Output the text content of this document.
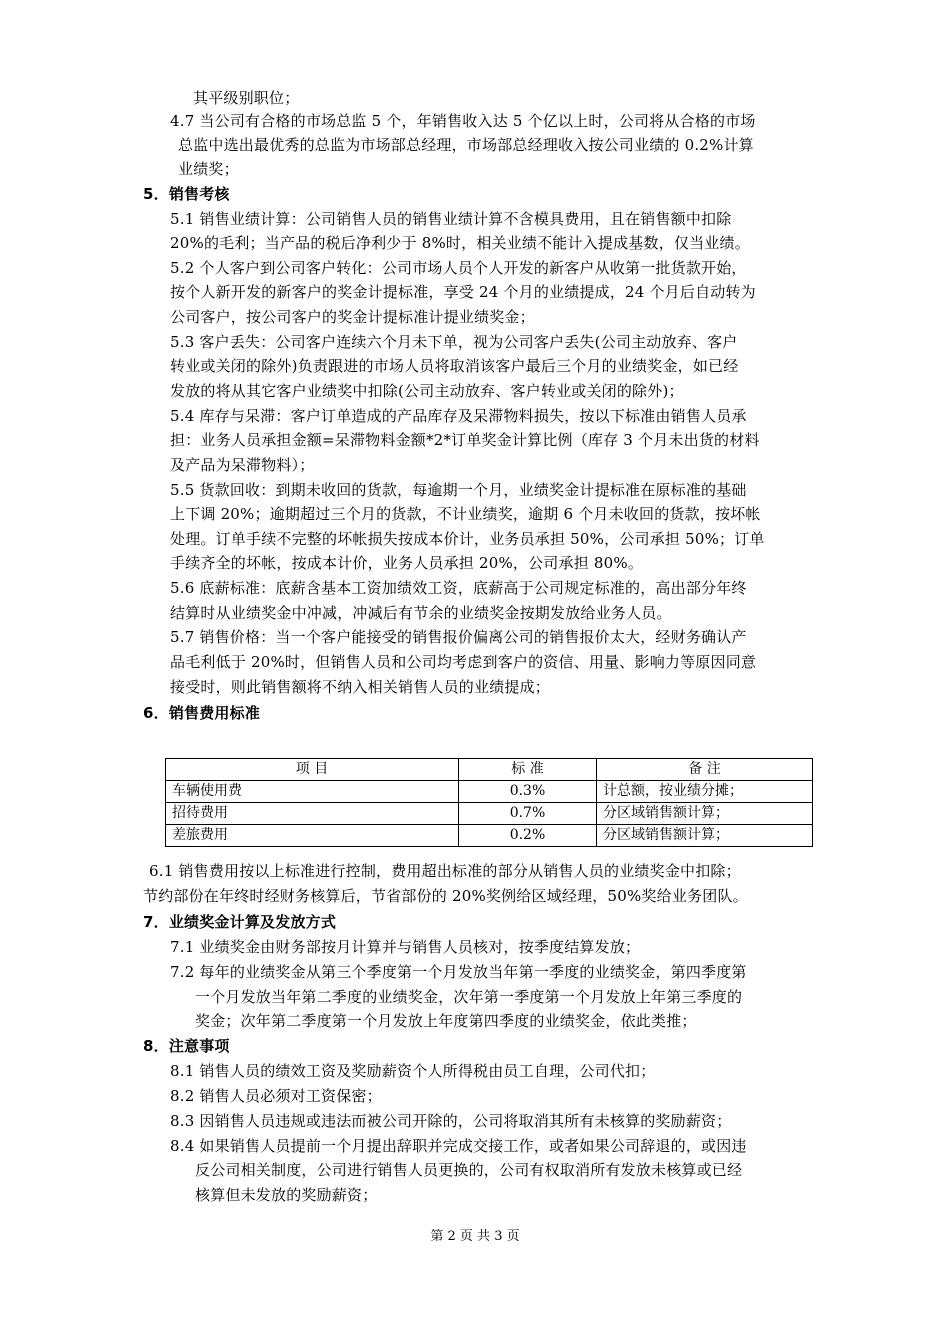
其平级别职位；
4.7 当公司有合格的市场总监 5 个，年销售收入达 5 个亿以上时，公司将从合格的市场
总监中选出最优秀的总监为市场部总经理，市场部总经理收入按公司业绩的 0.2%计算
业绩奖；
5．销售考核
5.1 销售业绩计算：公司销售人员的销售业绩计算不含模具费用，且在销售额中扣除
20%的毛利；当产品的税后净利少于 8%时，相关业绩不能计入提成基数，仅当业绩。
5.2 个人客户到公司客户转化：公司市场人员个人开发的新客户从收第一批货款开始，
按个人新开发的新客户的奖金计提标准，享受 24 个月的业绩提成，24 个月后自动转为
公司客户，按公司客户的奖金计提标准计提业绩奖金；
5.3 客户丢失：公司客户连续六个月未下单，视为公司客户丢失(公司主动放弃、客户
转业或关闭的除外)负责跟进的市场人员将取消该客户最后三个月的业绩奖金，如已经
发放的将从其它客户业绩奖中扣除(公司主动放弃、客户转业或关闭的除外)；
5.4 库存与呆滞：客户订单造成的产品库存及呆滞物料损失，按以下标准由销售人员承
担：业务人员承担金额=呆滞物料金额*2*订单奖金计算比例（库存 3 个月未出货的材料
及产品为呆滞物料）；
5.5 货款回收：到期未收回的货款，每逾期一个月，业绩奖金计提标准在原标准的基础
上下调 20%；逾期超过三个月的货款，不计业绩奖，逾期 6 个月未收回的货款，按坏帐
处理。订单手续不完整的坏帐损失按成本价计，业务员承担 50%，公司承担 50%；订单
手续齐全的坏帐，按成本计价，业务人员承担 20%，公司承担 80%。
5.6 底薪标准：底薪含基本工资加绩效工资，底薪高于公司规定标准的，高出部分年终
结算时从业绩奖金中冲减，冲减后有节余的业绩奖金按期发放给业务人员。
5.7 销售价格：当一个客户能接受的销售报价偏离公司的销售报价太大，经财务确认产
品毛利低于 20%时，但销售人员和公司均考虑到客户的资信、用量、影响力等原因同意
接受时，则此销售额将不纳入相关销售人员的业绩提成；
6．销售费用标准
项 目	标 准	备 注
车辆使用费	0.3%	计总额，按业绩分摊；
招待费用	0.7%	分区域销售额计算；
差旅费用	0.2%	分区域销售额计算；
6.1 销售费用按以上标准进行控制，费用超出标准的部分从销售人员的业绩奖金中扣除；
节约部份在年终时经财务核算后，节省部份的 20%奖例给区域经理，50%奖给业务团队。
7．业绩奖金计算及发放方式
7.1 业绩奖金由财务部按月计算并与销售人员核对，按季度结算发放；
7.2 每年的业绩奖金从第三个季度第一个月发放当年第一季度的业绩奖金，第四季度第
一个月发放当年第二季度的业绩奖金，次年第一季度第一个月发放上年第三季度的
奖金；次年第二季度第一个月发放上年度第四季度的业绩奖金，依此类推；
8．注意事项
8.1 销售人员的绩效工资及奖励薪资个人所得税由员工自理，公司代扣；
8.2 销售人员必须对工资保密；
8.3 因销售人员违规或违法而被公司开除的，公司将取消其所有未核算的奖励薪资；
8.4 如果销售人员提前一个月提出辞职并完成交接工作，或者如果公司辞退的，或因违
反公司相关制度，公司进行销售人员更换的，公司有权取消所有发放未核算或已经
核算但未发放的奖励薪资；
第 2 页 共 3 页
